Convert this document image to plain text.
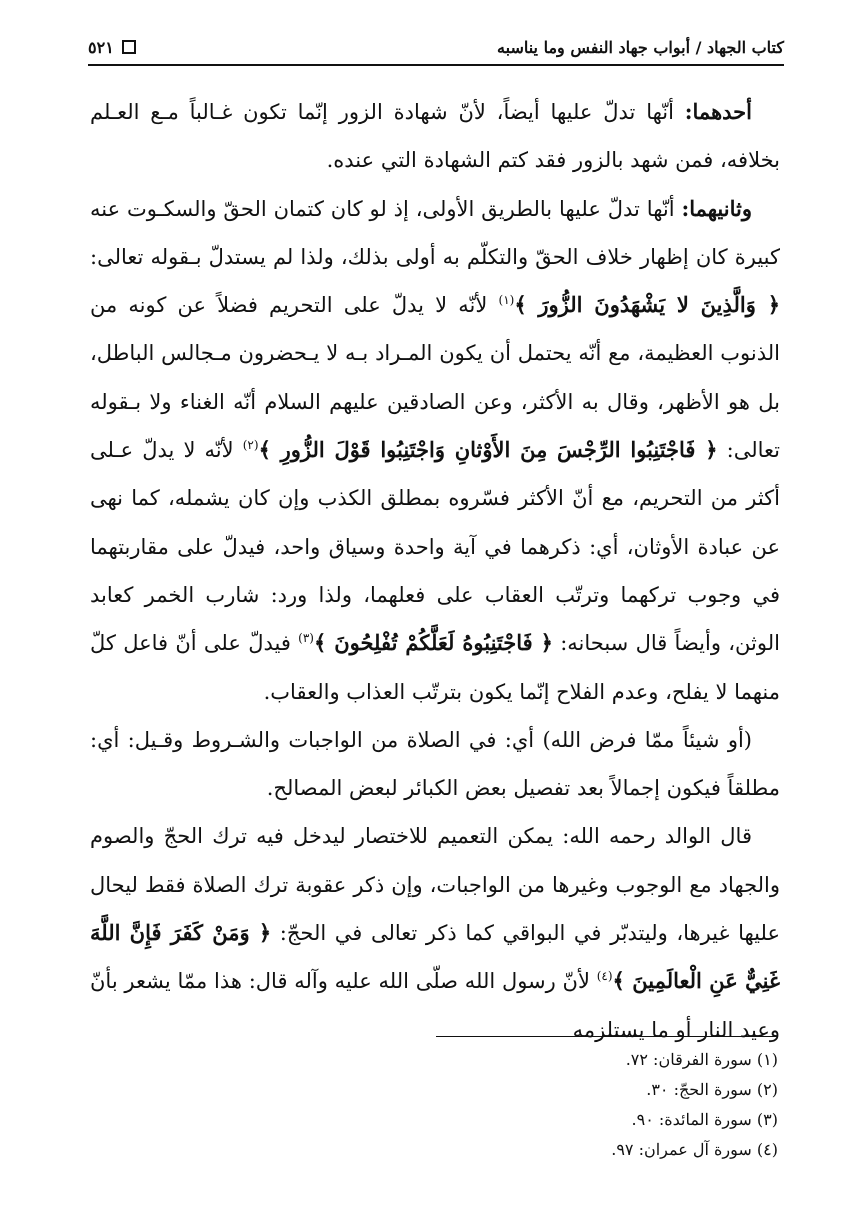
كتاب الجهاد / أبواب جهاد النفس وما يناسبه
٥٢١

أحدهما: أنّها تدلّ عليها أيضاً، لأنّ شهادة الزور إنّما تكون غـالباً مـع العـلم بخلافه، فمن شهد بالزور فقد كتم الشهادة التي عنده.

وثانيهما: أنّها تدلّ عليها بالطريق الأولى، إذ لو كان كتمان الحقّ والسكـوت عنه كبيرة كان إظهار خلاف الحقّ والتكلّم به أولى بذلك، ولذا لم يستدلّ بـقوله تعالى: ﴿ وَالَّذِينَ لا يَشْهَدُونَ الزُّورَ ﴾$^{(١)}$ لأنّه لا يدلّ على التحريم فضلاً عن كونه من الذنوب العظيمة، مع أنّه يحتمل أن يكون المـراد بـه لا يـحضرون مـجالس الباطل، بل هو الأظهر، وقال به الأكثر، وعن الصادقين عليهم السلام أنّه الغناء ولا بـقوله تعالى: ﴿ فَاجْتَنِبُوا الرِّجْسَ مِنَ الأَوْثانِ وَاجْتَنِبُوا قَوْلَ الزُّورِ ﴾$^{(٢)}$ لأنّه لا يدلّ عـلى أكثر من التحريم، مع أنّ الأكثر فسّروه بمطلق الكذب وإن كان يشمله، كما نهى عن عبادة الأوثان، أي: ذكرهما في آية واحدة وسياق واحد، فيدلّ على مقاربتهما في وجوب تركهما وترتّب العقاب على فعلهما، ولذا ورد: شارب الخمر كعابد الوثن، وأيضاً قال سبحانه: ﴿ فَاجْتَنِبُوهُ لَعَلَّكُمْ تُفْلِحُونَ ﴾$^{(٣)}$ فيدلّ على أنّ فاعل كلّ منهما لا يفلح، وعدم الفلاح إنّما يكون بترتّب العذاب والعقاب.

(أو شيئاً ممّا فرض الله) أي: في الصلاة من الواجبات والشـروط وقـيل: أي: مطلقاً فيكون إجمالاً بعد تفصيل بعض الكبائر لبعض المصالح.

قال الوالد رحمه الله: يمكن التعميم للاختصار ليدخل فيه ترك الحجّ والصوم والجهاد مع الوجوب وغيرها من الواجبات، وإن ذكر عقوبة ترك الصلاة فقط ليحال عليها غيرها، وليتدبّر في البواقي كما ذكر تعالى في الحجّ: ﴿ وَمَنْ كَفَرَ فَإِنَّ اللَّهَ غَنِيٌّ عَنِ الْعالَمِينَ ﴾$^{(٤)}$ لأنّ رسول الله صلّى الله عليه وآله قال: هذا ممّا يشعر بأنّ وعيد النار أو ما يستلزمه

(١) سورة الفرقان: ٧٢.

(٢) سورة الحجّ: ٣٠.

(٣) سورة المائدة: ٩٠.

(٤) سورة آل عمران: ٩٧.
